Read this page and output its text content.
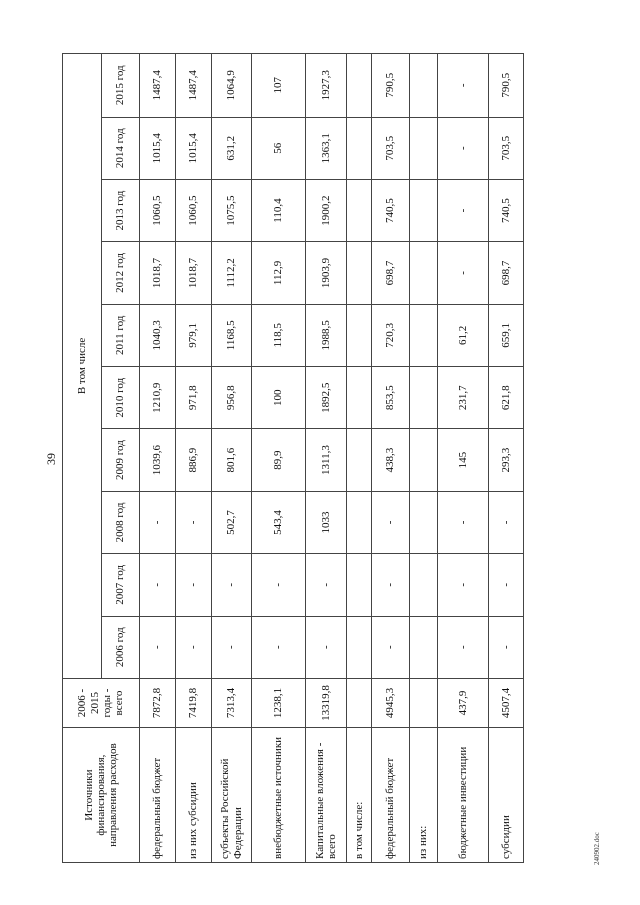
39
Источники финансирования, направления расходов	2006 - 2015 годы - всего	В том числе									
		2006 год	2007 год	2008 год	2009 год	2010 год	2011 год	2012 год	2013 год	2014 год	2015 год
федеральный бюджет	7872,8	-	-	-	1039,6	1210,9	1040,3	1018,7	1060,5	1015,4	1487,4
из них субсидии	7419,8	-	-	-	886,9	971,8	979,1	1018,7	1060,5	1015,4	1487,4
субъекты Российской Федерации	7313,4	-	-	502,7	801,6	956,8	1168,5	1112,2	1075,5	631,2	1064,9
внебюджетные источники	1238,1	-	-	543,4	89,9	100	118,5	112,9	110,4	56	107
Капитальные вложения - всего	13319,8	-	-	1033	1311,3	1892,5	1988,5	1903,9	1900,2	1363,1	1927,3
в том числе:											
федеральный бюджет	4945,3	-	-	-	438,3	853,5	720,3	698,7	740,5	703,5	790,5
из них:											
бюджетные инвестиции	437,9	-	-	-	145	231,7	61,2	-	-	-	-
субсидии	4507,4	-	-	-	293,3	621,8	659,1	698,7	740,5	703,5	790,5
240902.doc
